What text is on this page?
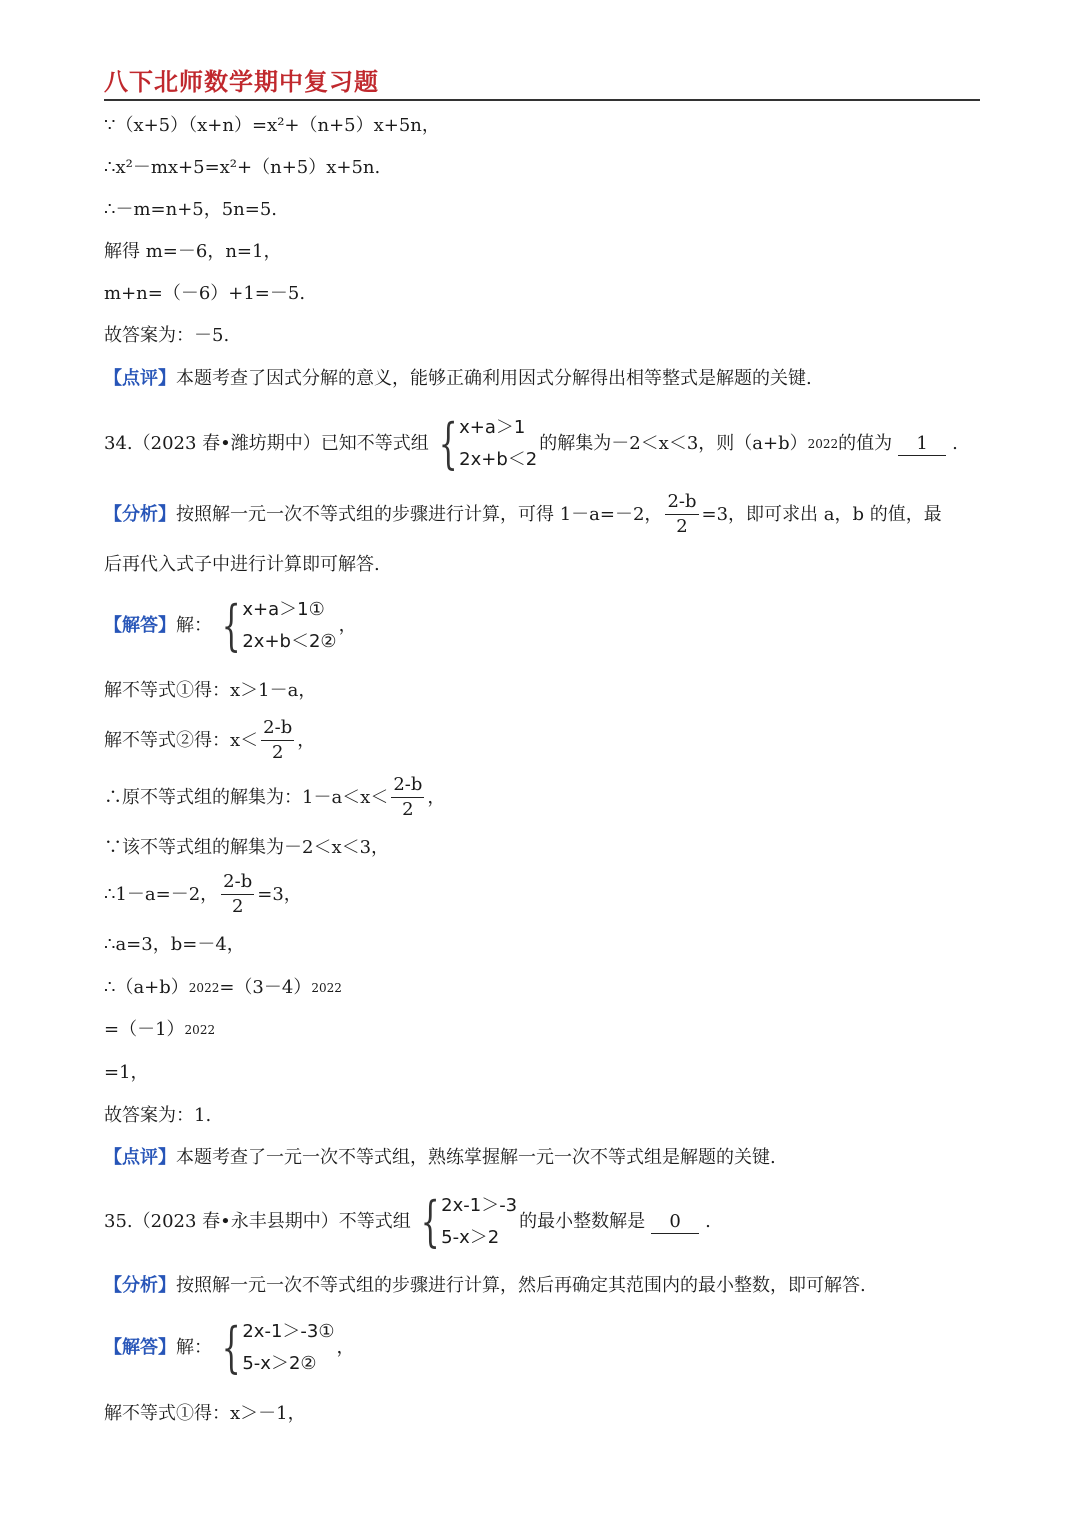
八下北师数学期中复习题
∵（x+5）（x+n）=x²+（n+5）x+5n，
∴x²－mx+5=x²+（n+5）x+5n.
∴－m=n+5，5n=5.
解得 m=－6，n=1，
m+n=（－6）+1=－5.
故答案为：－5.
【点评】 本题考查了因式分解的意义，能够正确利用因式分解得出相等整式是解题的关键.
34.（2023 春•潍坊期中）已知不等式组 { x+a＞1
2x+b＜2
的解集为－2＜x＜3，则（a+b） 2022 的值为	1	.
【分析】 按照解一元一次不等式组的步骤进行计算，可得 1－a=－2， $\frac{2-b}{2} =3$，即可求出 a，b 的值，最
后再代入式子中进行计算即可解答.
【解答】 解： { x+a＞1①
2x+b＜2②
，
解不等式①得：x＞1－a，
解不等式②得：$x< \frac{2-b}{2}$ ，
∴原不等式组的解集为：$1-a<x< \frac{2-b}{2}$ ，
∵该不等式组的解集为－2＜x＜3，
∴1－a=－2， $\frac{2-b}{2} =3$，
∴a=3，b=－4，
∴（a+b） 2022 =（3－4） 2022
=（－1） 2022
=1，
故答案为：1.
【点评】 本题考查了一元一次不等式组，熟练掌握解一元一次不等式组是解题的关键.
35.（2023 春•永丰县期中）不等式组 { 2x-1＞-3
5-x＞2
的最小整数解是	0	.
【分析】 按照解一元一次不等式组的步骤进行计算，然后再确定其范围内的最小整数，即可解答.
【解答】 解： { 2x-1＞-3①
5-x＞2②
，
解不等式①得：x＞－1，
